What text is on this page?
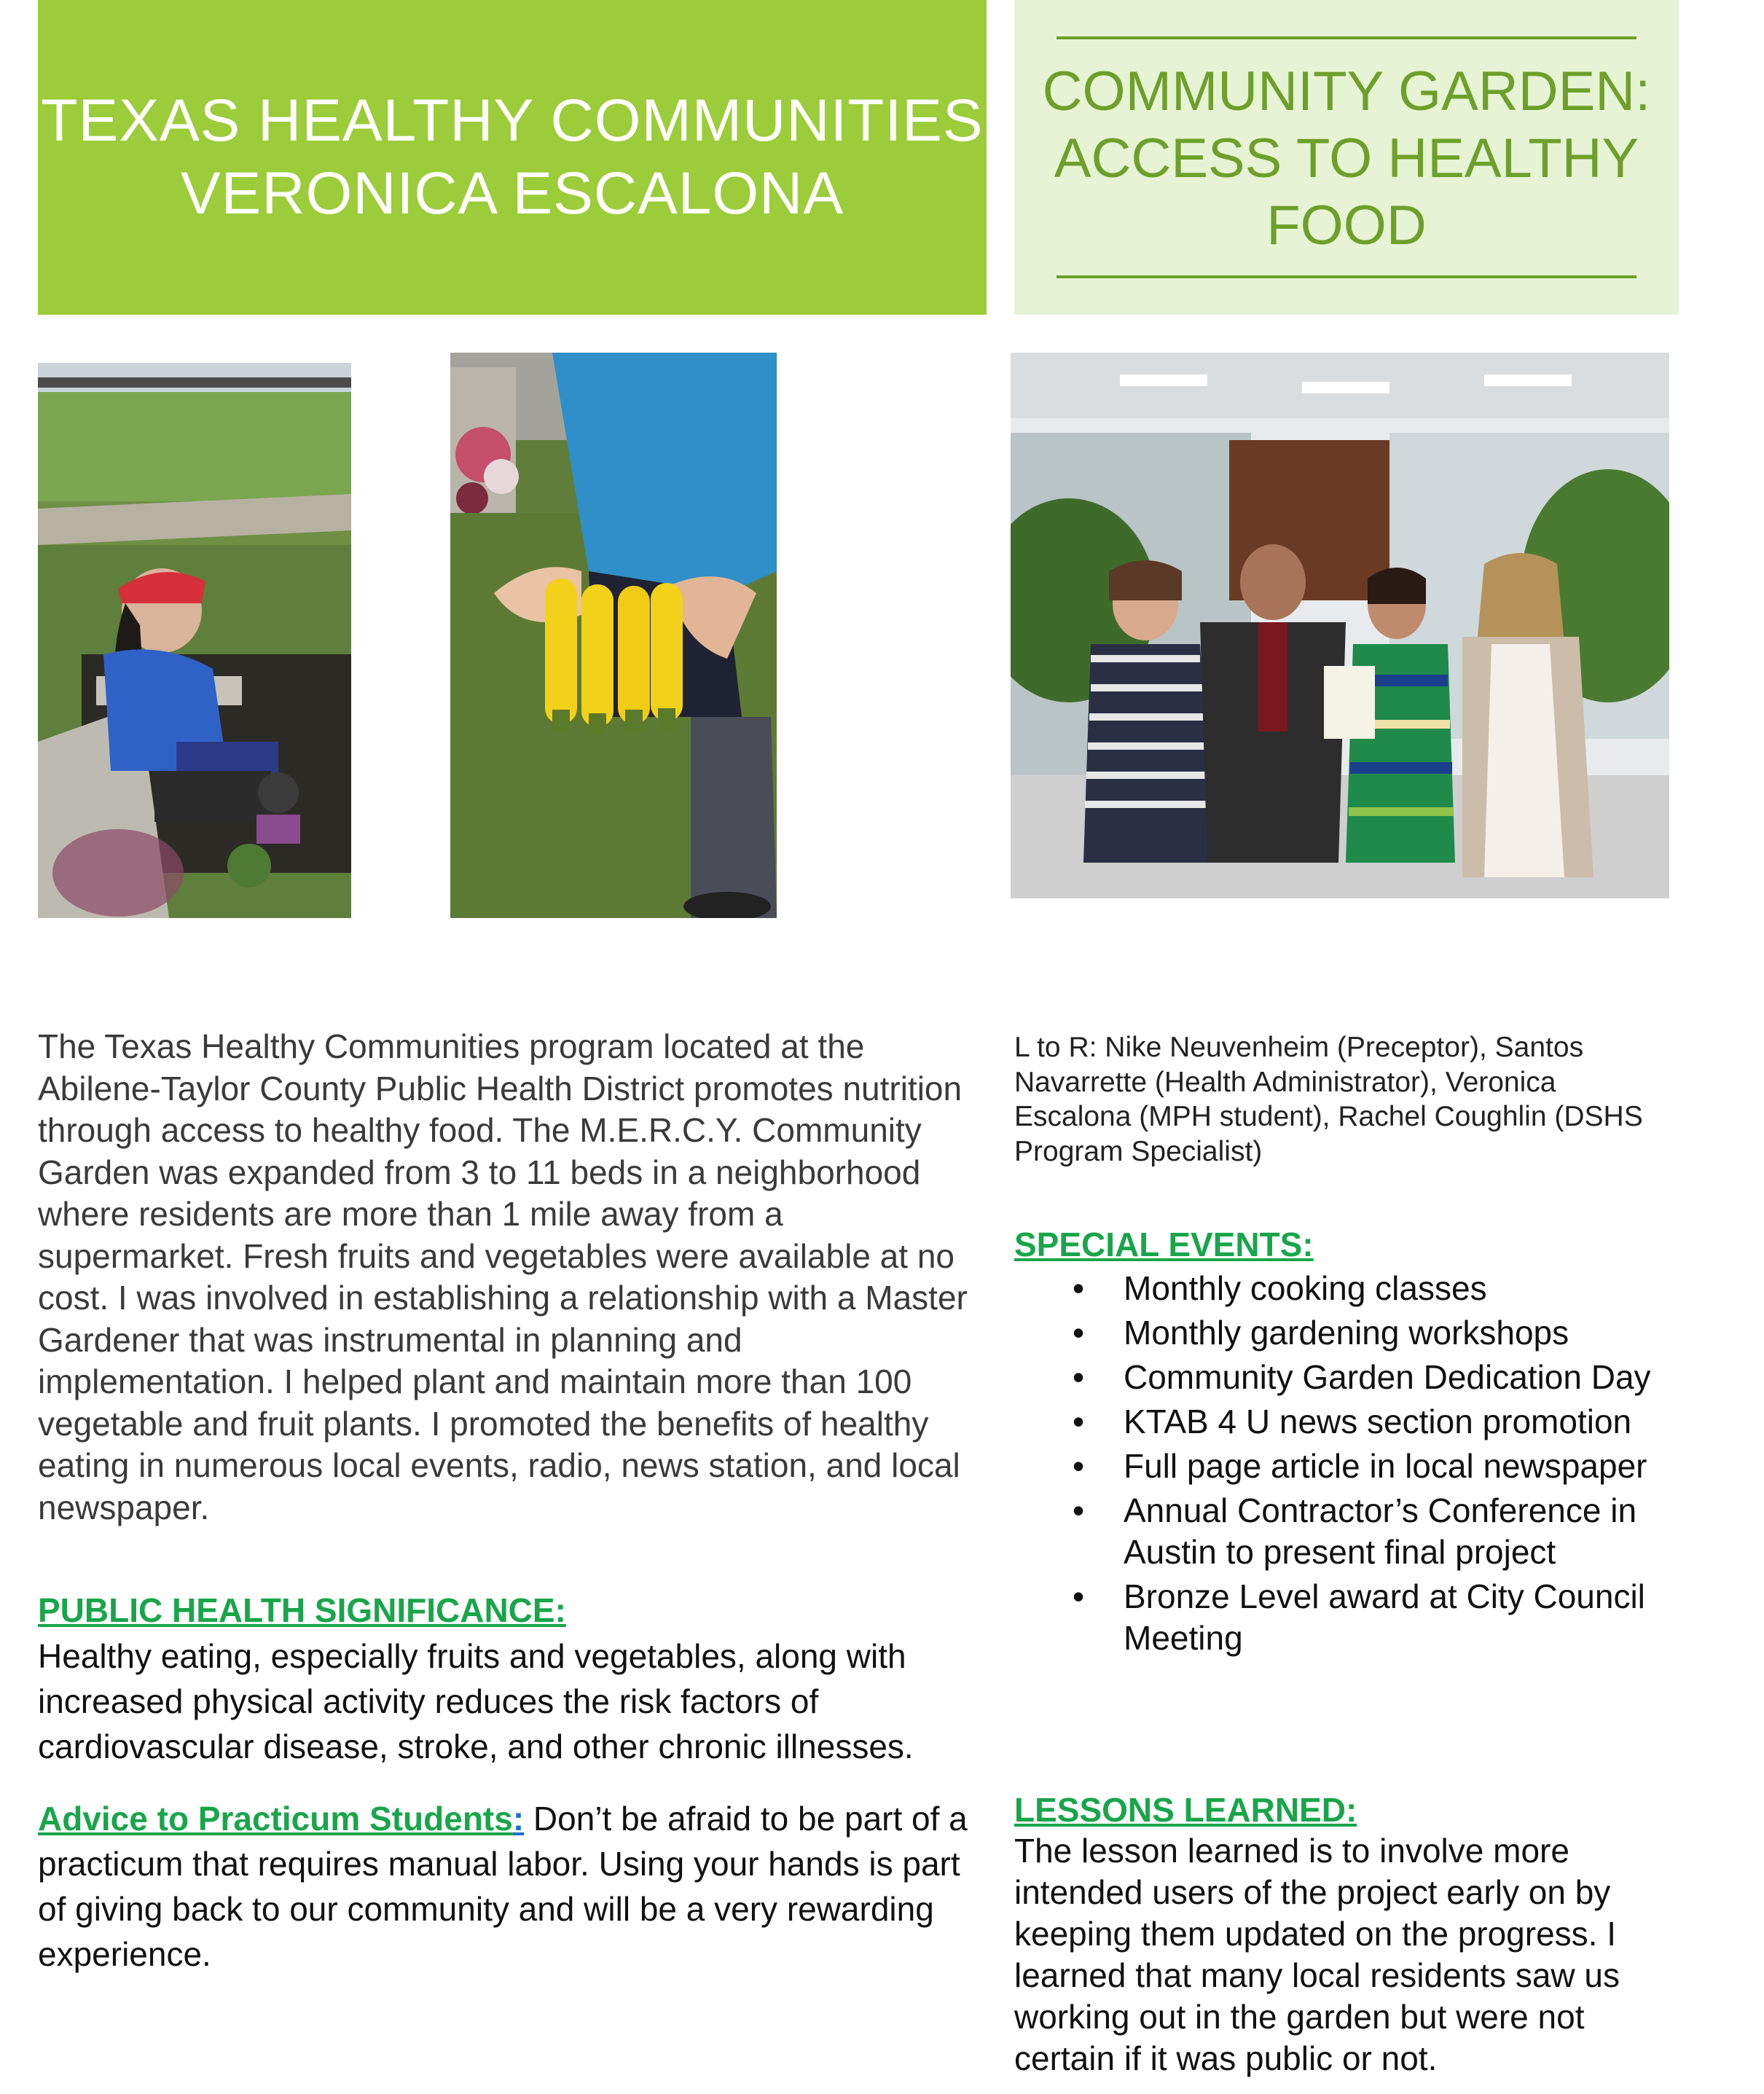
TEXAS HEALTHY COMMUNITIES
VERONICA ESCALONA
COMMUNITY GARDEN: ACCESS TO HEALTHY FOOD
The Texas Healthy Communities program located at the Abilene-Taylor County Public Health District promotes nutrition through access to healthy food. The M.E.R.C.Y. Community Garden was expanded from 3 to 11 beds in a neighborhood where residents are more than 1 mile away from a supermarket. Fresh fruits and vegetables were available at no cost. I was involved in establishing a relationship with a Master Gardener that was instrumental in planning and implementation. I helped plant and maintain more than 100 vegetable and fruit plants. I promoted the benefits of healthy eating in numerous local events, radio, news station, and local newspaper.
PUBLIC HEALTH SIGNIFICANCE:
Healthy eating, especially fruits and vegetables, along with increased physical activity reduces the risk factors of cardiovascular disease, stroke, and other chronic illnesses.
Advice to Practicum Students: Don’t be afraid to be part of a practicum that requires manual labor. Using your hands is part of giving back to our community and will be a very rewarding experience.
L to R: Nike Neuvenheim (Preceptor), Santos Navarrette (Health Administrator), Veronica Escalona (MPH student), Rachel Coughlin (DSHS Program Specialist)
SPECIAL EVENTS:
• Monthly cooking classes
• Monthly gardening workshops
• Community Garden Dedication Day
• KTAB 4 U news section promotion
• Full page article in local newspaper
• Annual Contractor’s Conference in Austin to present final project
• Bronze Level award at City Council Meeting
LESSONS LEARNED:
The lesson learned is to involve more intended users of the project early on by keeping them updated on the progress. I learned that many local residents saw us working out in the garden but were not certain if it was public or not.
